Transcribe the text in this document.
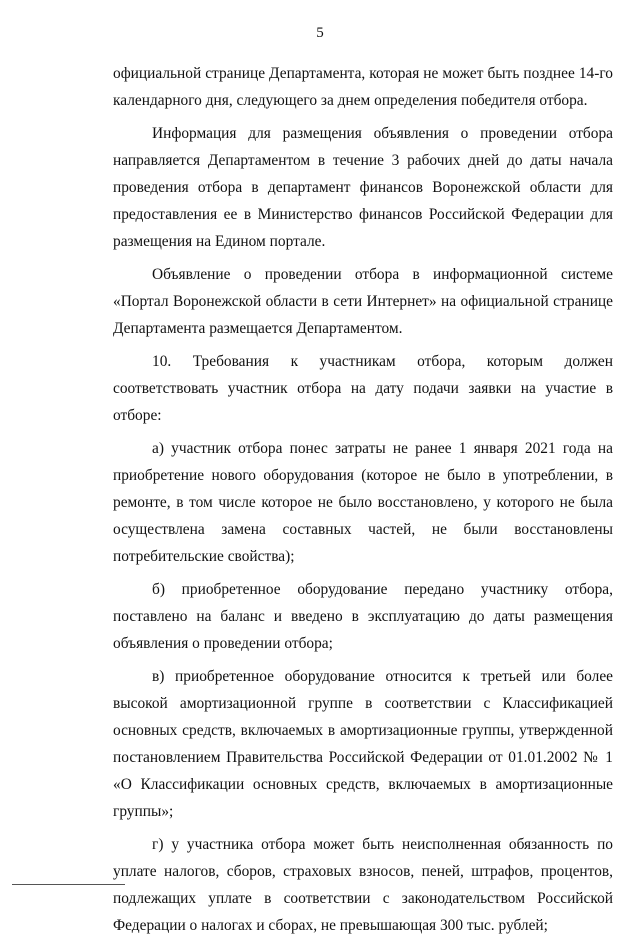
5

официальной странице Департамента, которая не может быть позднее 14-го календарного дня, следующего за днем определения победителя отбора.

Информация для размещения объявления о проведении отбора направляется Департаментом в течение 3 рабочих дней до даты начала проведения отбора в департамент финансов Воронежской области для предоставления ее в Министерство финансов Российской Федерации для размещения на Едином портале.

Объявление о проведении отбора в информационной системе «Портал Воронежской области в сети Интернет» на официальной странице Департамента размещается Департаментом.

10. Требования к участникам отбора, которым должен соответствовать участник отбора на дату подачи заявки на участие в отборе:

а) участник отбора понес затраты не ранее 1 января 2021 года на приобретение нового оборудования (которое не было в употреблении, в ремонте, в том числе которое не было восстановлено, у которого не была осуществлена замена составных частей, не были восстановлены потребительские свойства);

б) приобретенное оборудование передано участнику отбора, поставлено на баланс и введено в эксплуатацию до даты размещения объявления о проведении отбора;

в) приобретенное оборудование относится к третьей или более высокой амортизационной группе в соответствии с Классификацией основных средств, включаемых в амортизационные группы, утвержденной постановлением Правительства Российской Федерации от 01.01.2002 № 1 «О Классификации основных средств, включаемых в амортизационные группы»;

г) у участника отбора может быть неисполненная обязанность по уплате налогов, сборов, страховых взносов, пеней, штрафов, процентов, подлежащих уплате в соответствии с законодательством Российской Федерации о налогах и сборах, не превышающая 300 тыс. рублей;
